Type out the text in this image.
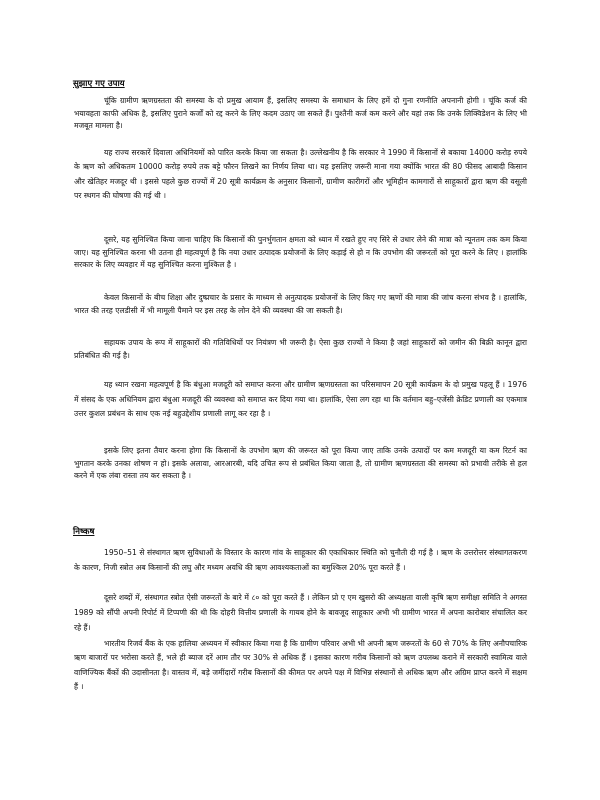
सुझाए गए उपाय

चूंकि ग्रामीण ऋणग्रस्तता की समस्या के दो प्रमुख आयाम हैं, इसलिए समस्या के समाधान के लिए हमें दो गुना रणनीति अपनानी होगी । चूंकि कर्ज की भयावहता काफी अधिक है, इसलिए पुराने कर्जों को रद्द करने के लिए कदम उठाए जा सकते हैं। पुश्तैनी कर्ज कम करने और यहां तक कि उनके लिक्विडेशन के लिए भी मजबूत मामला है।

यह राज्य सरकारें दिवाला अधिनियमों को पारित करके किया जा सकता है। उल्लेखनीय है कि सरकार ने 1990 में किसानों से बकाया 14000 करोड़ रुपये के ऋण को अधिकतम 10000 करोड़ रुपये तक बट्टे फौरन लिखने का निर्णय लिया था। यह इसलिए जरूरी माना गया क्योंकि भारत की 80 फीसद आबादी किसान और खेतिहर मजदूर थी । इससे पहले कुछ राज्यों में 20 सूत्री कार्यक्रम के अनुसार किसानों, ग्रामीण कारीगरों और भूमिहीन कामगारों से साहूकारों द्वारा ऋण की वसूली पर स्थगन की घोषणा की गई थी ।

दूसरे, यह सुनिश्चित किया जाना चाहिए कि किसानों की पुनर्भुगतान क्षमता को ध्यान में रखते हुए नए सिरे से उधार लेने की मात्रा को न्यूनतम तक कम किया जाए। यह सुनिश्चित करना भी उतना ही महत्वपूर्ण है कि नया उधार उत्पादक प्रयोजनों के लिए कड़ाई से हो न कि उपभोग की जरूरतों को पूरा करने के लिए । हालांकि सरकार के लिए व्यवहार में यह सुनिश्चित करना मुश्किल है ।

केवल किसानों के बीच शिक्षा और दुष्प्रचार के प्रसार के माध्यम से अनुत्पादक प्रयोजनों के लिए किए गए ऋणों की मात्रा की जांच करना संभव है । हालांकि, भारत की तरह एलडीसी में भी मामूली पैमाने पर इस तरह के लोन देने की व्यवस्था की जा सकती है।

सहायक उपाय के रूप में साहूकारों की गतिविधियों पर नियंत्रण भी जरूरी है। ऐसा कुछ राज्यों ने किया है जहां साहूकारों को जमीन की बिक्री कानून द्वारा प्रतिबंधित की गई है।

यह ध्यान रखना महत्वपूर्ण है कि बंधुआ मजदूरी को समाप्त करना और ग्रामीण ऋणग्रस्तता का परिसमापन 20 सूत्री कार्यक्रम के दो प्रमुख पहलू हैं । 1976 में संसद के एक अधिनियम द्वारा बंधुआ मजदूरी की व्यवस्था को समाप्त कर दिया गया था। हालांकि, ऐसा लग रहा था कि वर्तमान बहु–एजेंसी क्रेडिट प्रणाली का एकमात्र उत्तर कुशल प्रबंधन के साथ एक नई बहुउद्देशीय प्रणाली लागू कर रहा है ।

इसके लिए इतना तैयार करना होगा कि किसानों के उपभोग ऋण की जरूरत को पूरा किया जाए ताकि उनके उत्पादों पर कम मजदूरी या कम रिटर्न का भुगतान करके उनका शोषण न हो। इसके अलावा, आरआरबी, यदि उचित रूप से प्रबंधित किया जाता है, तो ग्रामीण ऋणग्रस्तता की समस्या को प्रभावी तरीके से हल करने में एक लंबा रास्ता तय कर सकता है ।

निष्कष

1950–51 से संस्थागत ऋण सुविधाओं के विस्तार के कारण गांव के साहूकार की एकाधिकार स्थिति को चुनौती दी गई है । ऋण के उत्तरोत्तर संस्थागतकरण के कारण, निजी स्त्रोत अब किसानों की लघु और मध्यम अवधि की ऋण आवश्यकताओं का बमुश्किल 20% पूरा करते हैं ।

दूसरे शब्दों में, संस्थागत स्त्रोत ऐसी जरूरतों के बारे में ८० को पूरा करते हैं । लेकिन प्रो ए एम खुसरो की अध्यक्षता वाली कृषि ऋण समीक्षा समिति ने अगस्त 1989 को सौंपी अपनी रिपोर्ट में टिप्पणी की थी कि दोहरी वित्तीय प्रणाली के गायब होने के बावजूद साहूकार अभी भी ग्रामीण भारत में अपना कारोबार संचालित कर रहे हैं।

भारतीय रिजर्व बैंक के एक हालिया अध्ययन में स्वीकार किया गया है कि ग्रामीण परिवार अभी भी अपनी ऋण जरूरतों के 60 से 70% के लिए अनौपचारिक ऋण बाजारों पर भरोसा करते हैं, भले ही ब्याज दरें आम तौर पर 30% से अधिक हैं । इसका कारण गरीब किसानों को ऋण उपलब्ध कराने में सरकारी स्वामित्व वाले वाणिज्यिक बैंकों की उदासीनता है। वास्तव में, बड़े जमींदारों गरीब किसानों की कीमत पर अपने पक्ष में विभिन्न संस्थानों से अधिक ऋण और अग्रिम प्राप्त करने में सक्षम हैं ।
